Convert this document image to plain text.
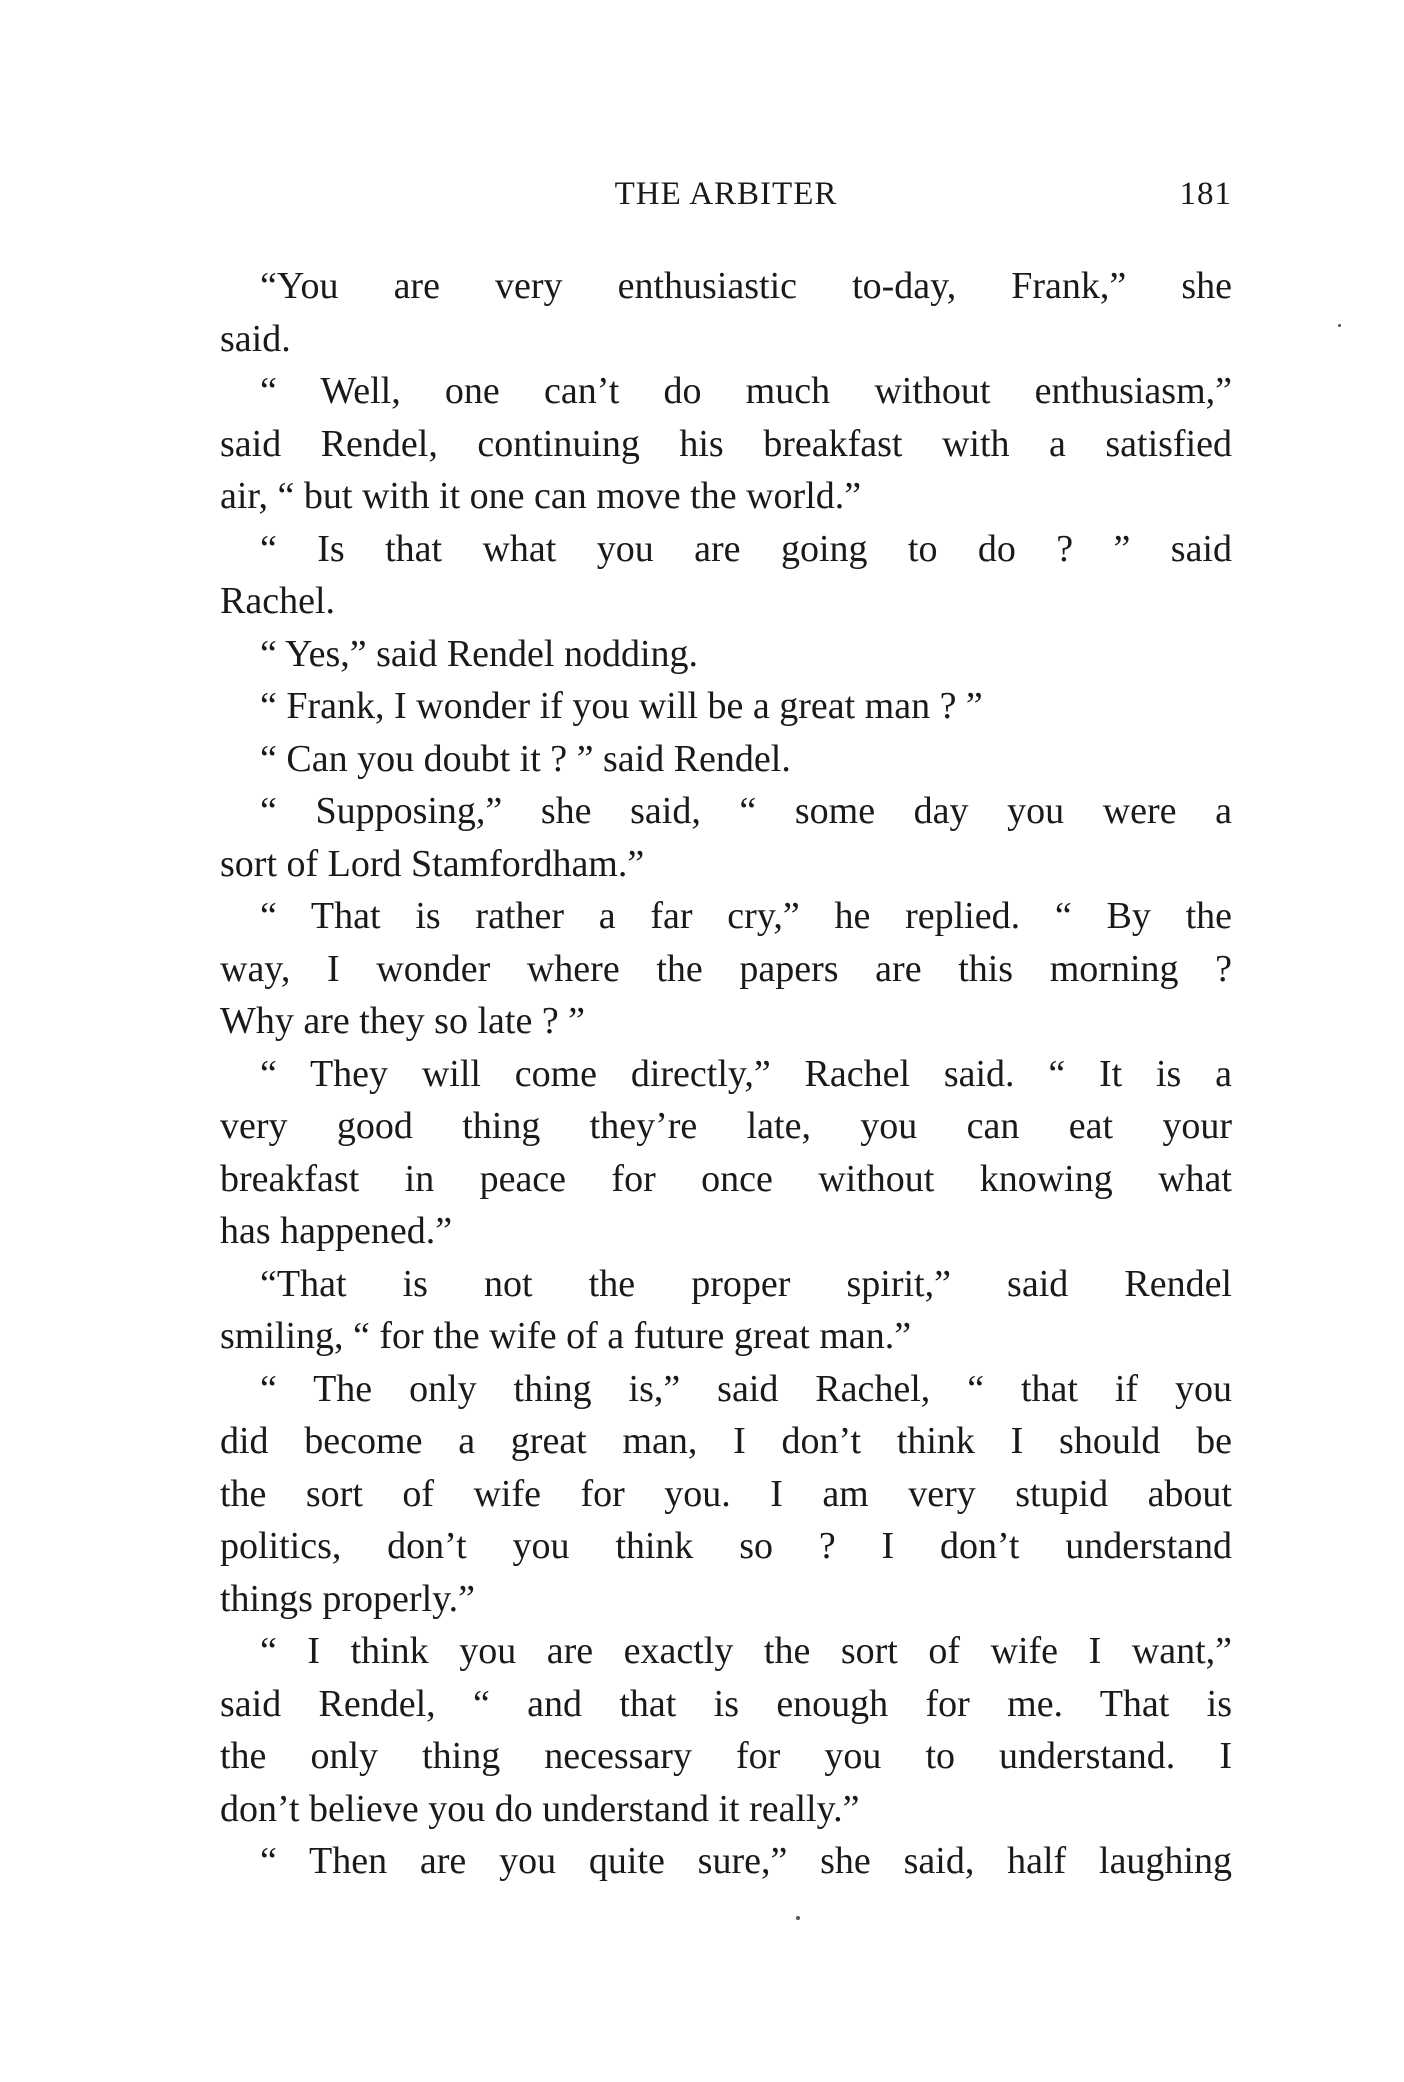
THE ARBITER	181
“You are very enthusiastic to-day, Frank,” she
said.
“ Well, one can’t do much without enthusiasm,”
said Rendel, continuing his breakfast with a satisfied
air, “ but with it one can move the world.”
“ Is that what you are going to do ? ” said
Rachel.
“ Yes,” said Rendel nodding.
“ Frank, I wonder if you will be a great man ? ”
“ Can you doubt it ? ” said Rendel.
“ Supposing,” she said, “ some day you were a
sort of Lord Stamfordham.”
“ That is rather a far cry,” he replied. “ By the
way, I wonder where the papers are this morning ?
Why are they so late ? ”
“ They will come directly,” Rachel said. “ It is a
very good thing they’re late, you can eat your
breakfast in peace for once without knowing what
has happened.”
“That is not the proper spirit,” said Rendel
smiling, “ for the wife of a future great man.”
“ The only thing is,” said Rachel, “ that if you
did become a great man, I don’t think I should be
the sort of wife for you. I am very stupid about
politics, don’t you think so ? I don’t understand
things properly.”
“ I think you are exactly the sort of wife I want,”
said Rendel, “ and that is enough for me. That is
the only thing necessary for you to understand. I
don’t believe you do understand it really.”
“ Then are you quite sure,” she said, half laughing
